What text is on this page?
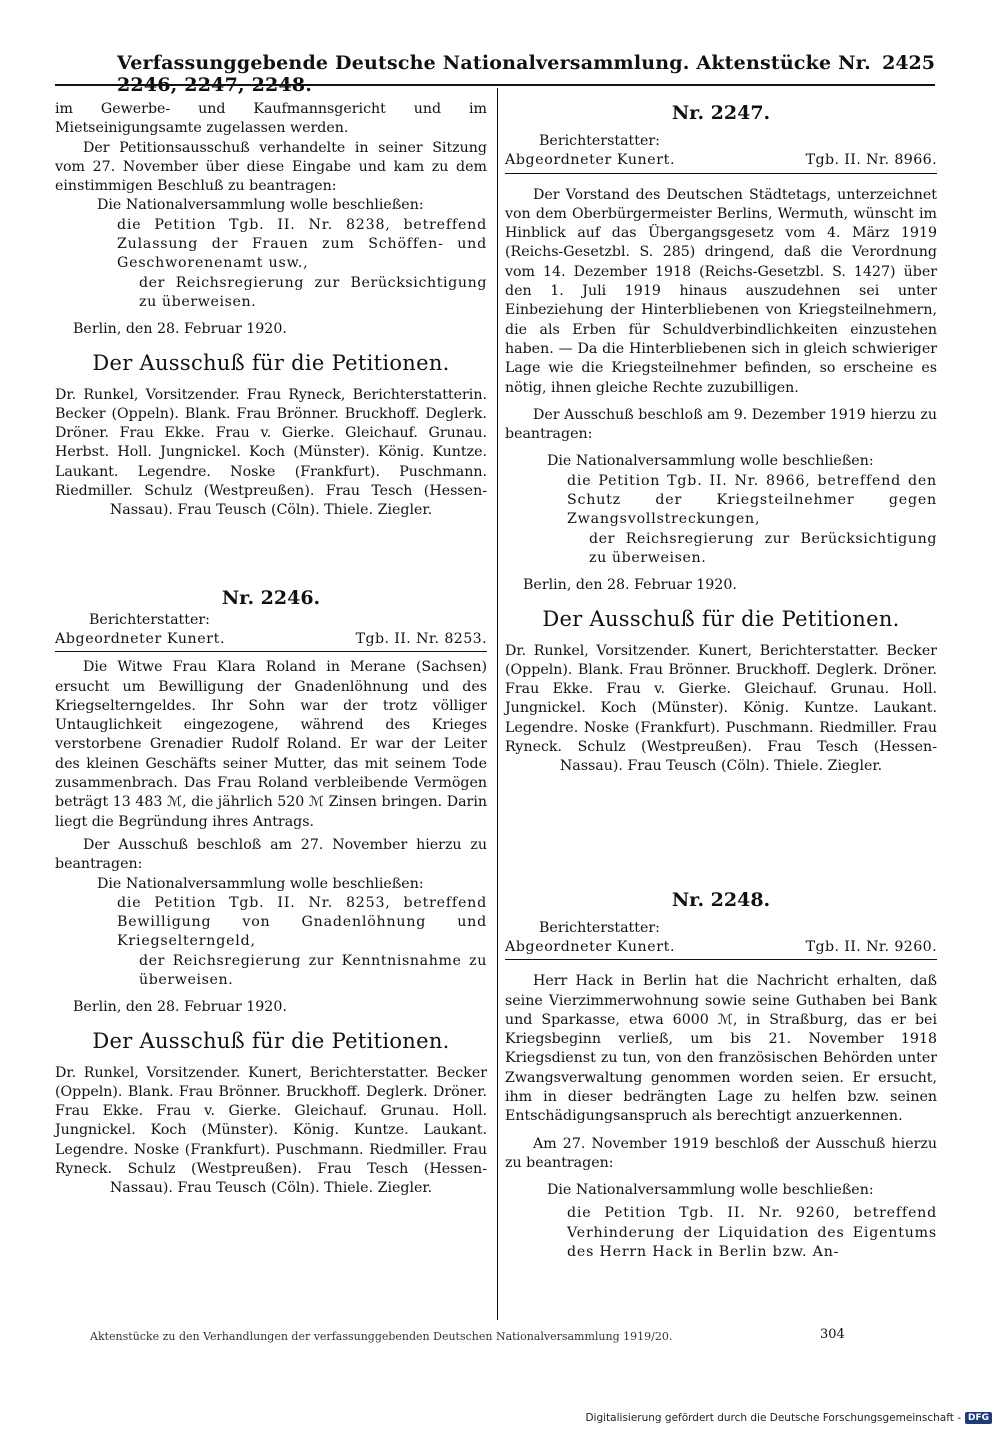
Verfassunggebende Deutsche Nationalversammlung. Aktenstücke Nr. 2246, 2247, 2248.
2425

im Gewerbe- und Kaufmannsgericht und im Mietseinigungsamte zugelassen werden.

Der Petitionsausschuß verhandelte in seiner Sitzung vom 27. November über diese Eingabe und kam zu dem einstimmigen Beschluß zu beantragen:

Die Nationalversammlung wolle beschließen:

die Petition Tgb. II. Nr. 8238, betreffend Zulassung der Frauen zum Schöffen- und Geschworenenamt usw.,

der Reichsregierung zur Berücksichtigung zu überweisen.

Berlin, den 28. Februar 1920.

Der Ausschuß für die Petitionen.

Dr. Runkel, Vorsitzender. Frau Ryneck, Berichterstatterin. Becker (Oppeln). Blank. Frau Brönner. Bruckhoff. Deglerk. Dröner. Frau Ekke. Frau v. Gierke. Gleichauf. Grunau. Herbst. Holl. Jungnickel. Koch (Münster). König. Kuntze. Laukant. Legendre. Noske (Frankfurt). Puschmann. Riedmiller. Schulz (Westpreußen). Frau Tesch (Hessen-Nassau). Frau Teusch (Cöln). Thiele. Ziegler.

Nr. 2246.

Berichterstatter:

Abgeordneter Kunert.	Tgb. II. Nr. 8253.

Die Witwe Frau Klara Roland in Merane (Sachsen) ersucht um Bewilligung der Gnadenlöhnung und des Kriegselterngeldes. Ihr Sohn war der trotz völliger Untauglichkeit eingezogene, während des Krieges verstorbene Grenadier Rudolf Roland. Er war der Leiter des kleinen Geschäfts seiner Mutter, das mit seinem Tode zusammenbrach. Das Frau Roland verbleibende Vermögen beträgt 13 483 ℳ, die jährlich 520 ℳ Zinsen bringen. Darin liegt die Begründung ihres Antrags.

Der Ausschuß beschloß am 27. November hierzu zu beantragen:

Die Nationalversammlung wolle beschließen:

die Petition Tgb. II. Nr. 8253, betreffend Bewilligung von Gnadenlöhnung und Kriegselterngeld,

der Reichsregierung zur Kenntnisnahme zu überweisen.

Berlin, den 28. Februar 1920.

Der Ausschuß für die Petitionen.

Dr. Runkel, Vorsitzender. Kunert, Berichterstatter. Becker (Oppeln). Blank. Frau Brönner. Bruckhoff. Deglerk. Dröner. Frau Ekke. Frau v. Gierke. Gleichauf. Grunau. Holl. Jungnickel. Koch (Münster). König. Kuntze. Laukant. Legendre. Noske (Frankfurt). Puschmann. Riedmiller. Frau Ryneck. Schulz (Westpreußen). Frau Tesch (Hessen-Nassau). Frau Teusch (Cöln). Thiele. Ziegler.

Nr. 2247.

Berichterstatter:

Abgeordneter Kunert.	Tgb. II. Nr. 8966.

Der Vorstand des Deutschen Städtetags, unterzeichnet von dem Oberbürgermeister Berlins, Wermuth, wünscht im Hinblick auf das Übergangsgesetz vom 4. März 1919 (Reichs-Gesetzbl. S. 285) dringend, daß die Verordnung vom 14. Dezember 1918 (Reichs-Gesetzbl. S. 1427) über den 1. Juli 1919 hinaus auszudehnen sei unter Einbeziehung der Hinterbliebenen von Kriegsteilnehmern, die als Erben für Schuldverbindlichkeiten einzustehen haben. — Da die Hinterbliebenen sich in gleich schwieriger Lage wie die Kriegsteilnehmer befinden, so erscheine es nötig, ihnen gleiche Rechte zuzubilligen.

Der Ausschuß beschloß am 9. Dezember 1919 hierzu zu beantragen:

Die Nationalversammlung wolle beschließen:

die Petition Tgb. II. Nr. 8966, betreffend den Schutz der Kriegsteilnehmer gegen Zwangsvollstreckungen,

der Reichsregierung zur Berücksichtigung zu überweisen.

Berlin, den 28. Februar 1920.

Der Ausschuß für die Petitionen.

Dr. Runkel, Vorsitzender. Kunert, Berichterstatter. Becker (Oppeln). Blank. Frau Brönner. Bruckhoff. Deglerk. Dröner. Frau Ekke. Frau v. Gierke. Gleichauf. Grunau. Holl. Jungnickel. Koch (Münster). König. Kuntze. Laukant. Legendre. Noske (Frankfurt). Puschmann. Riedmiller. Frau Ryneck. Schulz (Westpreußen). Frau Tesch (Hessen-Nassau). Frau Teusch (Cöln). Thiele. Ziegler.

Nr. 2248.

Berichterstatter:

Abgeordneter Kunert.	Tgb. II. Nr. 9260.

Herr Hack in Berlin hat die Nachricht erhalten, daß seine Vierzimmerwohnung sowie seine Guthaben bei Bank und Sparkasse, etwa 6000 ℳ, in Straßburg, das er bei Kriegsbeginn verließ, um bis 21. November 1918 Kriegsdienst zu tun, von den französischen Behörden unter Zwangsverwaltung genommen worden seien. Er ersucht, ihm in dieser bedrängten Lage zu helfen bzw. seinen Entschädigungsanspruch als berechtigt anzuerkennen.

Am 27. November 1919 beschloß der Ausschuß hierzu zu beantragen:

Die Nationalversammlung wolle beschließen:

die Petition Tgb. II. Nr. 9260, betreffend Verhinderung der Liquidation des Eigentums des Herrn Hack in Berlin bzw. An-

Aktenstücke zu den Verhandlungen der verfassunggebenden Deutschen Nationalversammlung 1919/20.	304
Digitalisierung gefördert durch die Deutsche Forschungsgemeinschaft - DFG
